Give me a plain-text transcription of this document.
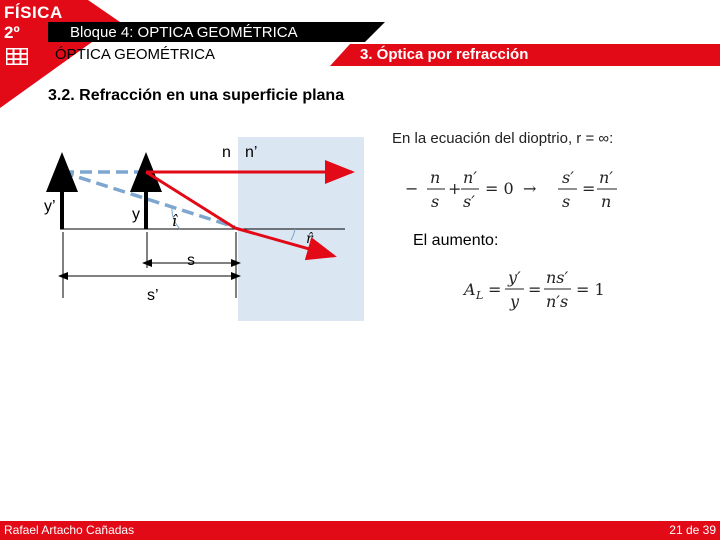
FÍSICA
2º	Bloque 4: OPTICA GEOMÉTRICA
ÓPTICA GEOMÉTRICA	3. Óptica por refracción
3.2. Refracción en una superficie plana
î
r̂
n n’
y’	y
s
s’
En la ecuación del dioptrio, r = ∞:
−
n
s
+
n′
s′
= 0 →
s′
s
=
n′
n
El aumento:
A L =
y′
y
=
ns′
n′s
= 1
Rafael Artacho Cañadas	21 de 39
